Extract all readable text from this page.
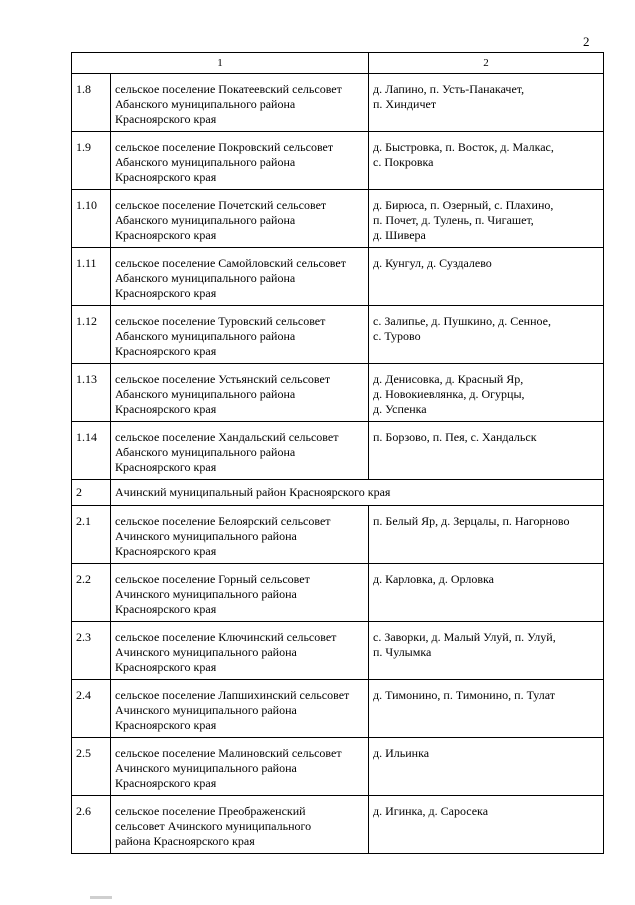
2
1		2
1.8	сельское поселение Покатеевский сельсовет
Абанского муниципального района
Красноярского края	д. Лапино, п. Усть-Панакачет,
п. Хиндичет
1.9	сельское поселение Покровский сельсовет
Абанского муниципального района
Красноярского края	д. Быстровка, п. Восток, д. Малкас,
с. Покровка
1.10	сельское поселение Почетский сельсовет
Абанского муниципального района
Красноярского края	д. Бирюса, п. Озерный, с. Плахино,
п. Почет, д. Тулень, п. Чигашет,
д. Шивера
1.11	сельское поселение Самойловский сельсовет
Абанского муниципального района
Красноярского края	д. Кунгул, д. Суздалево
1.12	сельское поселение Туровский сельсовет
Абанского муниципального района
Красноярского края	с. Залипье, д. Пушкино, д. Сенное,
с. Турово
1.13	сельское поселение Устьянский сельсовет
Абанского муниципального района
Красноярского края	д. Денисовка, д. Красный Яр,
д. Новокиевлянка, д. Огурцы,
д. Успенка
1.14	сельское поселение Хандальский сельсовет
Абанского муниципального района
Красноярского края	п. Борзово, п. Пея, с. Хандальск
2	Ачинский муниципальный район Красноярского края	
2.1	сельское поселение Белоярский сельсовет
Ачинского муниципального района
Красноярского края	п. Белый Яр, д. Зерцалы, п. Нагорново
2.2	сельское поселение Горный сельсовет
Ачинского муниципального района
Красноярского края	д. Карловка, д. Орловка
2.3	сельское поселение Ключинский сельсовет
Ачинского муниципального района
Красноярского края	с. Заворки, д. Малый Улуй, п. Улуй,
п. Чулымка
2.4	сельское поселение Лапшихинский сельсовет
Ачинского муниципального района
Красноярского края	д. Тимонино, п. Тимонино, п. Тулат
2.5	сельское поселение Малиновский сельсовет
Ачинского муниципального района
Красноярского края	д. Ильинка
2.6	сельское поселение Преображенский
сельсовет Ачинского муниципального
района Красноярского края	д. Игинка, д. Саросека
